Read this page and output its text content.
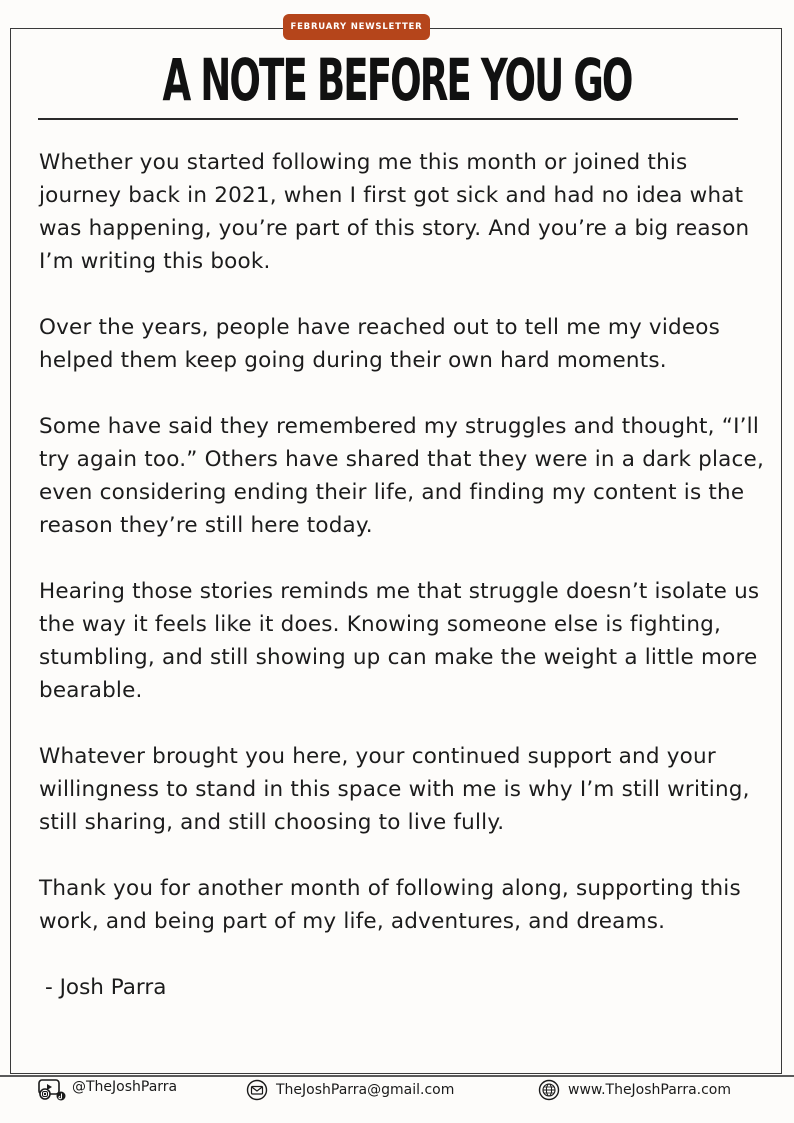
FEBRUARY NEWSLETTER
A NOTE BEFORE YOU GO

Whether you started following me this month or joined this journey back in 2021, when I first got sick and had no idea what was happening, you’re part of this story. And you’re a big reason I’m writing this book.

Over the years, people have reached out to tell me my videos helped them keep going during their own hard moments.

Some have said they remembered my struggles and thought, “I’ll try again too.” Others have shared that they were in a dark place, even considering ending their life, and finding my content is the reason they’re still here today.

Hearing those stories reminds me that struggle doesn’t isolate us the way it feels like it does. Knowing someone else is fighting, stumbling, and still showing up can make the weight a little more bearable.

Whatever brought you here, your continued support and your willingness to stand in this space with me is why I’m still writing, still sharing, and still choosing to live fully.

Thank you for another month of following along, supporting this work, and being part of my life, adventures, and dreams.

- Josh Parra

@TheJoshParra	TheJoshParra@gmail.com	www.TheJoshParra.com
